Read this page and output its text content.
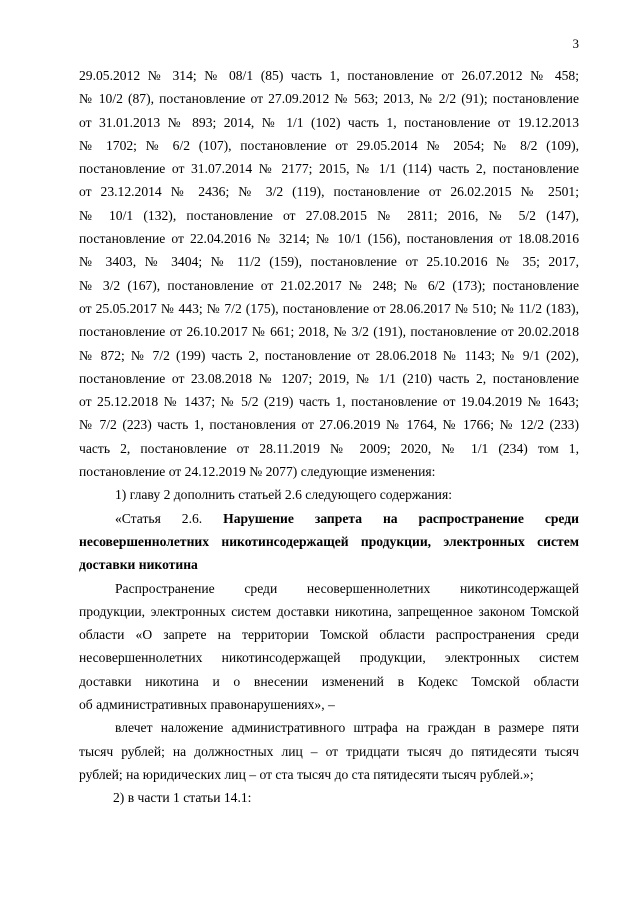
3
29.05.2012 № 314; № 08/1 (85) часть 1, постановление от 26.07.2012 № 458;
№ 10/2 (87), постановление от 27.09.2012 № 563; 2013, № 2/2 (91); постановление
от 31.01.2013 № 893; 2014, № 1/1 (102) часть 1, постановление от 19.12.2013
№ 1702; № 6/2 (107), постановление от 29.05.2014 № 2054; № 8/2 (109),
постановление от 31.07.2014 № 2177; 2015, № 1/1 (114) часть 2, постановление
от 23.12.2014 № 2436; № 3/2 (119), постановление от 26.02.2015 № 2501;
№ 10/1 (132), постановление от 27.08.2015 № 2811; 2016, № 5/2 (147),
постановление от 22.04.2016 № 3214; № 10/1 (156), постановления от 18.08.2016
№ 3403, № 3404; № 11/2 (159), постановление от 25.10.2016 № 35; 2017,
№ 3/2 (167), постановление от 21.02.2017 № 248; № 6/2 (173); постановление
от 25.05.2017 № 443; № 7/2 (175), постановление от 28.06.2017 № 510; № 11/2 (183),
постановление от 26.10.2017 № 661; 2018, № 3/2 (191), постановление от 20.02.2018
№ 872; № 7/2 (199) часть 2, постановление от 28.06.2018 № 1143; № 9/1 (202),
постановление от 23.08.2018 № 1207; 2019, № 1/1 (210) часть 2, постановление
от 25.12.2018 № 1437; № 5/2 (219) часть 1, постановление от 19.04.2019 № 1643;
№ 7/2 (223) часть 1, постановления от 27.06.2019 № 1764, № 1766; № 12/2 (233)
часть 2, постановление от 28.11.2019 № 2009; 2020, № 1/1 (234) том 1,
постановление от 24.12.2019 № 2077) следующие изменения:
1) главу 2 дополнить статьей 2.6 следующего содержания:
«Статья 2.6. Нарушение запрета на распространение среди
несовершеннолетних никотинсодержащей продукции, электронных систем
доставки никотина
Распространение среди несовершеннолетних никотинсодержащей
продукции, электронных систем доставки никотина, запрещенное законом Томской
области «О запрете на территории Томской области распространения среди
несовершеннолетних никотинсодержащей продукции, электронных систем
доставки никотина и о внесении изменений в Кодекс Томской области
об административных правонарушениях», –
влечет наложение административного штрафа на граждан в размере пяти
тысяч рублей; на должностных лиц – от тридцати тысяч до пятидесяти тысяч
рублей; на юридических лиц – от ста тысяч до ста пятидесяти тысяч рублей.»;
2) в части 1 статьи 14.1:
